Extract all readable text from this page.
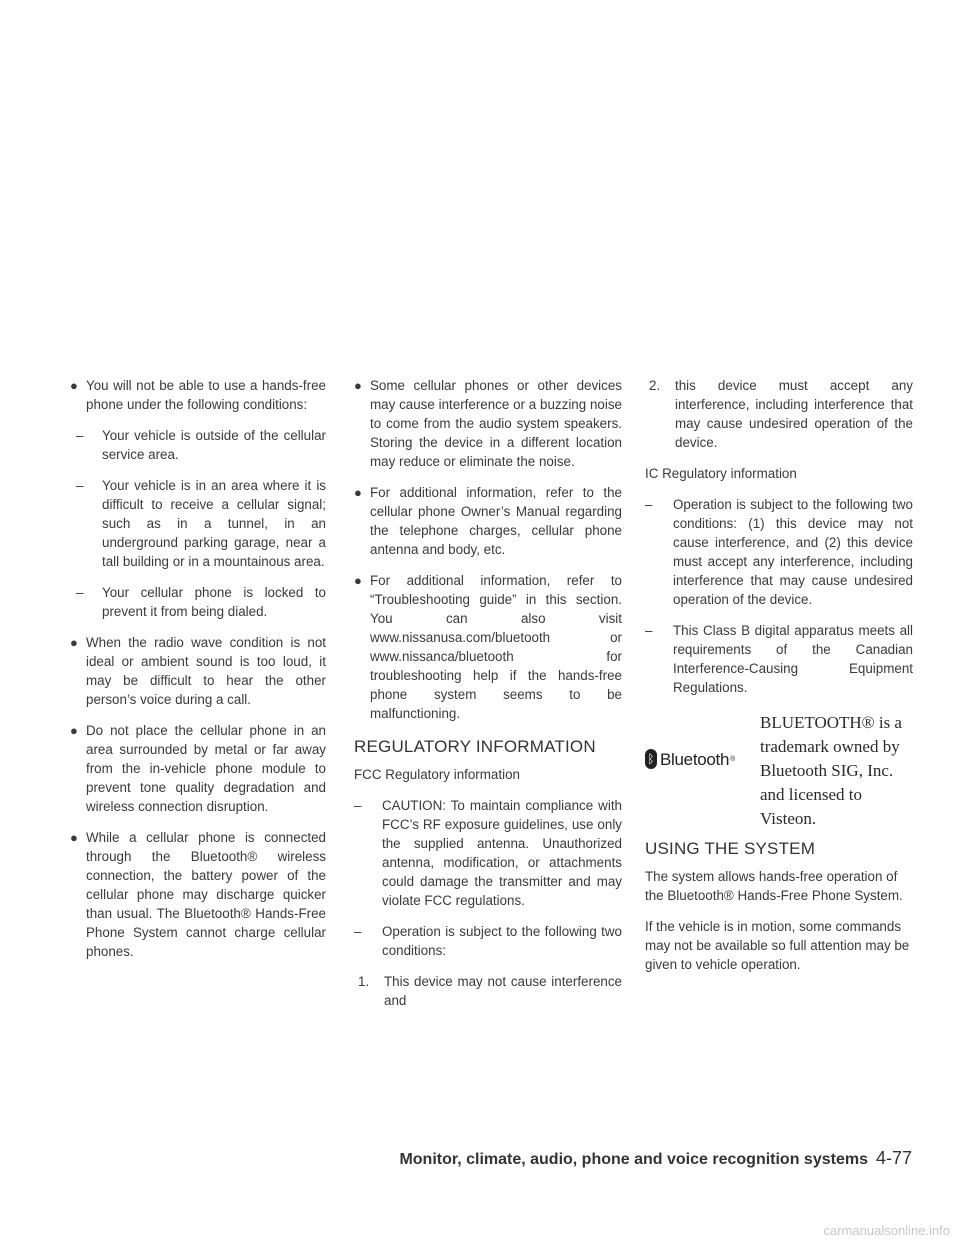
● You will not be able to use a hands-free phone under the following conditions:
–	Your vehicle is outside of the cellular service area.
–	Your vehicle is in an area where it is difficult to receive a cellular signal; such as in a tunnel, in an underground parking garage, near a tall building or in a mountainous area.
–	Your cellular phone is locked to prevent it from being dialed.
● When the radio wave condition is not ideal or ambient sound is too loud, it may be difficult to hear the other person’s voice during a call.
● Do not place the cellular phone in an area surrounded by metal or far away from the in-vehicle phone module to prevent tone quality degradation and wireless connection disruption.
● While a cellular phone is connected through the Bluetooth® wireless connection, the battery power of the cellular phone may discharge quicker than usual. The Bluetooth® Hands-Free Phone System cannot charge cellular phones.
● Some cellular phones or other devices may cause interference or a buzzing noise to come from the audio system speakers. Storing the device in a different location may reduce or eliminate the noise.
● For additional information, refer to the cellular phone Owner’s Manual regarding the telephone charges, cellular phone antenna and body, etc.
● For additional information, refer to “Troubleshooting guide” in this section. You can also visit www.nissanusa.com/bluetooth or www.nissanca/bluetooth for troubleshooting help if the hands-free phone system seems to be malfunctioning.
REGULATORY INFORMATION
FCC Regulatory information
–	CAUTION: To maintain compliance with FCC’s RF exposure guidelines, use only the supplied antenna. Unauthorized antenna, modification, or attachments could damage the transmitter and may violate FCC regulations.
–	Operation is subject to the following two conditions:
1. This device may not cause interference and
2. this device must accept any interference, including interference that may cause undesired operation of the device.
IC Regulatory information
–	Operation is subject to the following two conditions: (1) this device may not cause interference, and (2) this device must accept any interference, including interference that may cause undesired operation of the device.
–	This Class B digital apparatus meets all requirements of the Canadian Interference-Causing Equipment Regulations.
ᛒ Bluetooth ®
BLUETOOTH® is a trademark owned by Bluetooth SIG, Inc. and licensed to Visteon.
USING THE SYSTEM
The system allows hands-free operation of the Bluetooth® Hands-Free Phone System.
If the vehicle is in motion, some commands may not be available so full attention may be given to vehicle operation.
Monitor, climate, audio, phone and voice recognition systems 4-77
carmanualsonline.info
